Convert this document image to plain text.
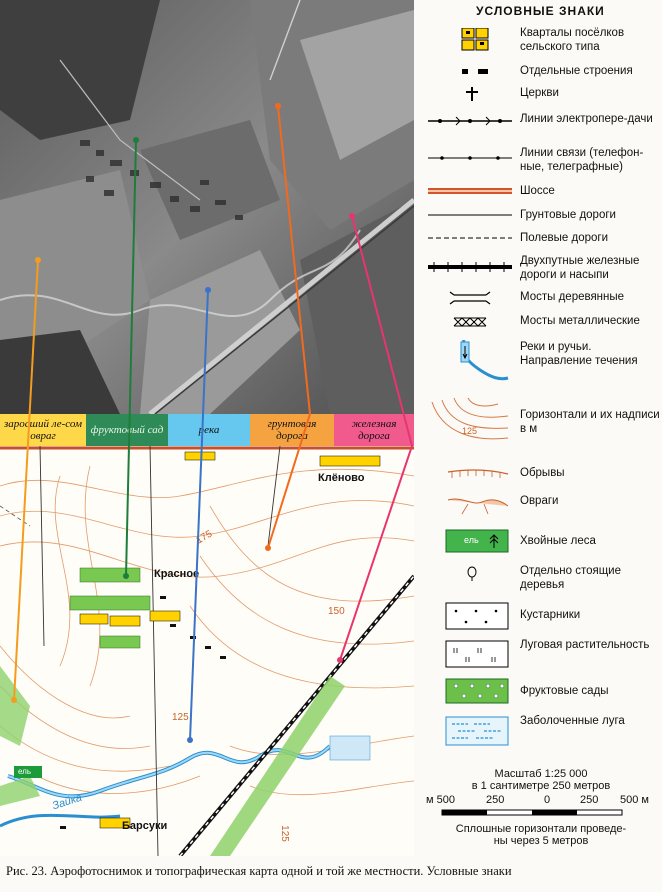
заросший ле-сом овраг	фруктовый сад	река	грунтовая дорога
железная дорога
Клёново
Красное
Барсуки
Зайка
ель
175
150
125
125
УСЛОВНЫЕ ЗНАКИ
Кварталы посёлков сельского типа
Отдельные строения
Церкви
Линии электропере-дачи
Линии связи (телефон-ные, телеграфные)
Шоссе
Грунтовые дороги
Полевые дороги
Двухпутные железные дороги и насыпи
Мосты деревянные
Мосты металлические
Реки и ручьи. Направление течения
Горизонтали и их надписи в м
125
Обрывы
Овраги
ель	Хвойные леса
Отдельно стоящие деревья
Кустарники
Луговая растительность
Фруктовые сады
Заболоченные луга
Масштаб 1:25 000
в 1 сантиметре 250 метров
м 500	250	0	250 500 м
Сплошные горизонтали проведе-
ны через 5 метров
Рис. 23. Аэрофотоснимок и топографическая карта одной и той же местности. Условные знаки
